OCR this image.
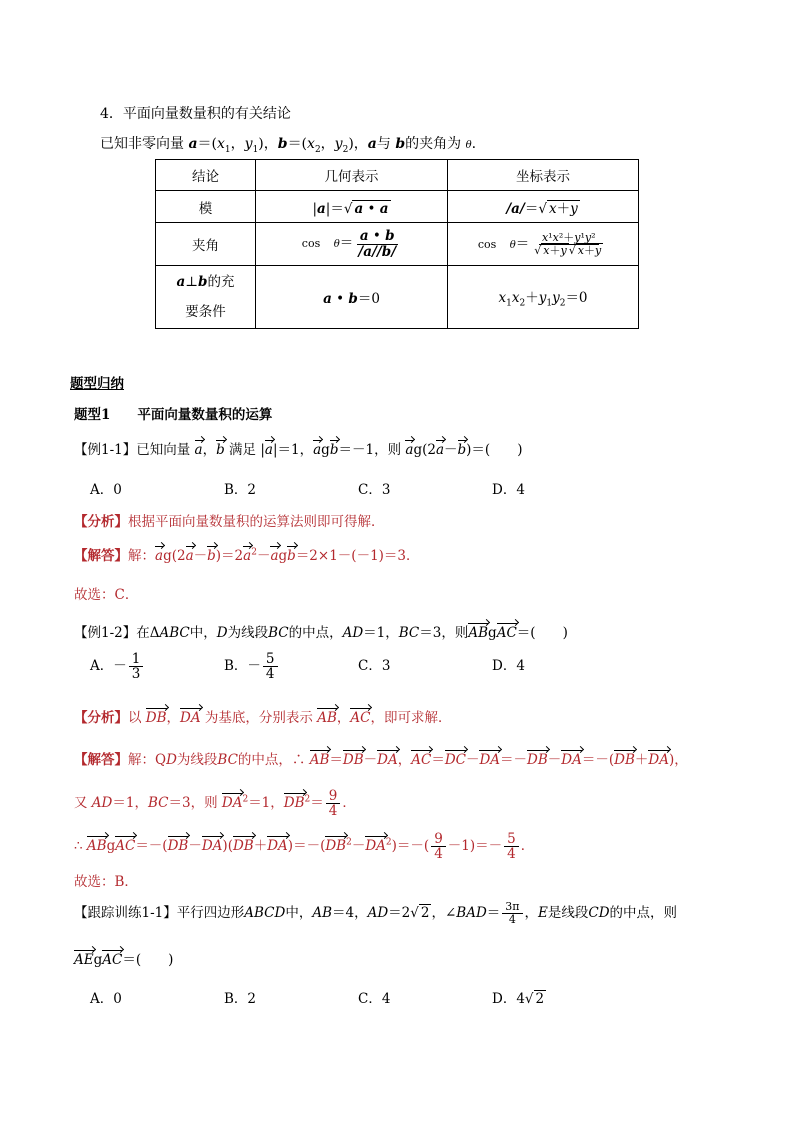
4．平面向量数量积的有关结论
已知非零向量 $a=(x_1$，$y_1$)，$b=(x_2$，$y_2$)，a与 b的夹角为 θ.
结论	几何表示	坐标表示
模	|a|＝√ a • a	/a/＝√ x＋y
夹角	cos　 $\theta= \frac{a • b}{/a//b/}$	cos　 $\theta= \frac{\text{x¹x²＋y¹y²}}{√ x+y √ x+y}$

a⊥b的充
要条件	a • b＝0	$x_1x_2+y_1y_2=0$
题型归纳
题型1　　 平面向量数量积的运算
【例1-1】已知向量 a，b 满足 |a|＝1，agb＝－1，则 ag(2a－b)＝(　　)
A．0	B．2	C．3	D．4
【分析】根据平面向量数量积的运算法则即可得解．
【解答】解：$ag(2a-b)=2a^2-agb=2\times 1-(-1)=3$．
故选：C．
【例1-2】在ΔABC中，D为线段BC的中点，AD＝1，BC＝3，则ABgAC＝(　　)
A．－ $\frac{1}{3}$	B．－ $\frac{5}{4}$	C．3	D．4
【分析】以 DB，DA 为基底，分别表示 AB，AC，即可求解．
【解答】解：QD为线段BC的中点，∴ AB＝DB－DA，AC＝DC－DA＝－DB－DA＝－(DB＋DA)，
又 AD＝1，BC＝3，则 $DA^2=1$，$DB^2= \frac{9}{4}$ ．
∴ $ABgAC=-(DB-DA)(DB+DA)=-(DB^2-DA^2)=-( \frac{9}{4} -1)=- \frac{5}{4}$ ．
故选：B．
【跟踪训练1-1】平行四边形ABCD中，AB＝4，AD＝2√ 2 ，∠BAD＝ $\frac{3\pi}{4}$ ，E是线段CD的中点，则
AEgAC＝(　　)
A．0	B．2	C．4	D．4√ 2
